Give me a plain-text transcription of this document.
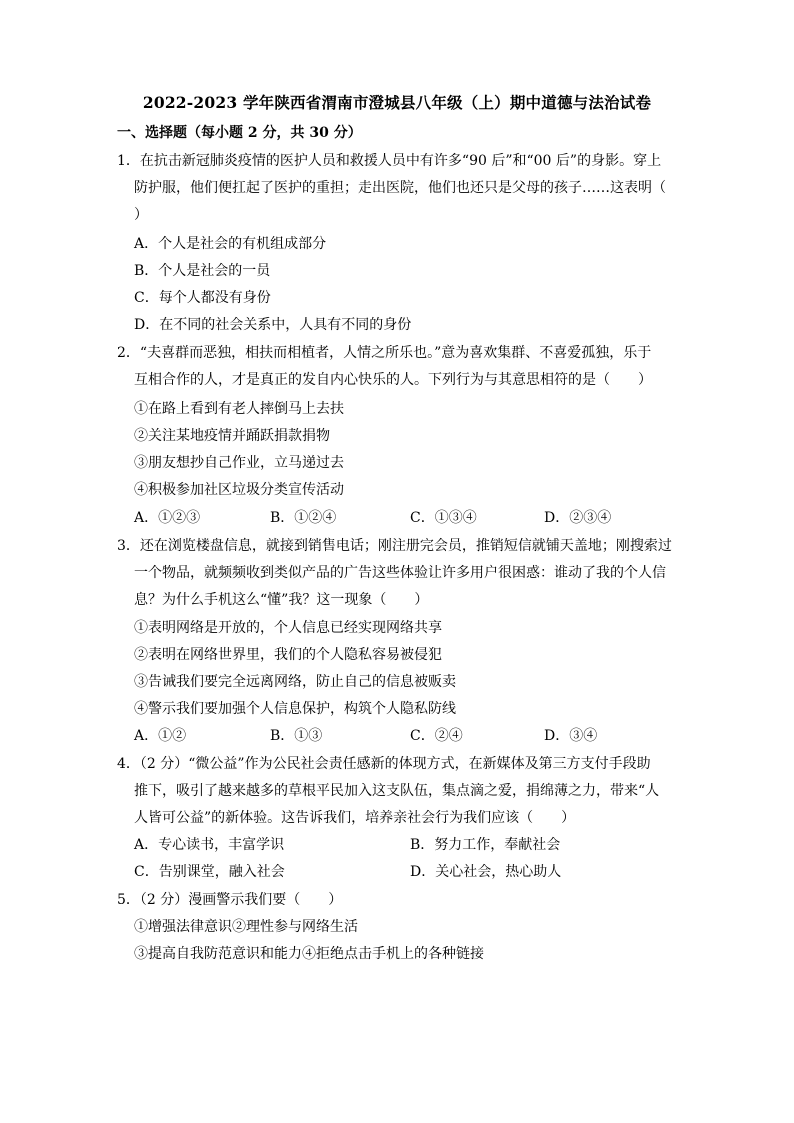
2022-2023 学年陕西省渭南市澄城县八年级（上）期中道德与法治试卷
一、选择题（每小题 2 分，共 30 分）
1．在抗击新冠肺炎疫情的医护人员和救援人员中有许多“90 后”和“00 后”的身影。穿上
防护服，他们便扛起了医护的重担；走出医院，他们也还只是父母的孩子……这表明（
）
A．个人是社会的有机组成部分
B．个人是社会的一员
C．每个人都没有身份
D．在不同的社会关系中，人具有不同的身份
2．“夫喜群而恶独，相扶而相植者，人情之所乐也。”意为喜欢集群、不喜爱孤独，乐于
互相合作的人，才是真正的发自内心快乐的人。下列行为与其意思相符的是（　　）
①在路上看到有老人摔倒马上去扶
②关注某地疫情并踊跃捐款捐物
③朋友想抄自己作业，立马递过去
④积极参加社区垃圾分类宣传活动
A．①②③	B．①②④	C．①③④	D．②③④
3．还在浏览楼盘信息，就接到销售电话；刚注册完会员，推销短信就铺天盖地；刚搜索过
一个物品，就频频收到类似产品的广告这些体验让许多用户很困惑：谁动了我的个人信
息？为什么手机这么“懂”我？这一现象（　　）
①表明网络是开放的，个人信息已经实现网络共享
②表明在网络世界里，我们的个人隐私容易被侵犯
③告诫我们要完全远离网络，防止自己的信息被贩卖
④警示我们要加强个人信息保护，构筑个人隐私防线
A．①②	B．①③	C．②④	D．③④
4．（2 分）“微公益”作为公民社会责任感新的体现方式，在新媒体及第三方支付手段助
推下，吸引了越来越多的草根平民加入这支队伍，集点滴之爱，捐绵薄之力，带来“人
人皆可公益”的新体验。这告诉我们，培养亲社会行为我们应该（　　）
A．专心读书，丰富学识	B．努力工作，奉献社会
C．告别课堂，融入社会	D．关心社会，热心助人
5．（2 分）漫画警示我们要（　　）
①增强法律意识②理性参与网络生活
③提高自我防范意识和能力④拒绝点击手机上的各种链接
